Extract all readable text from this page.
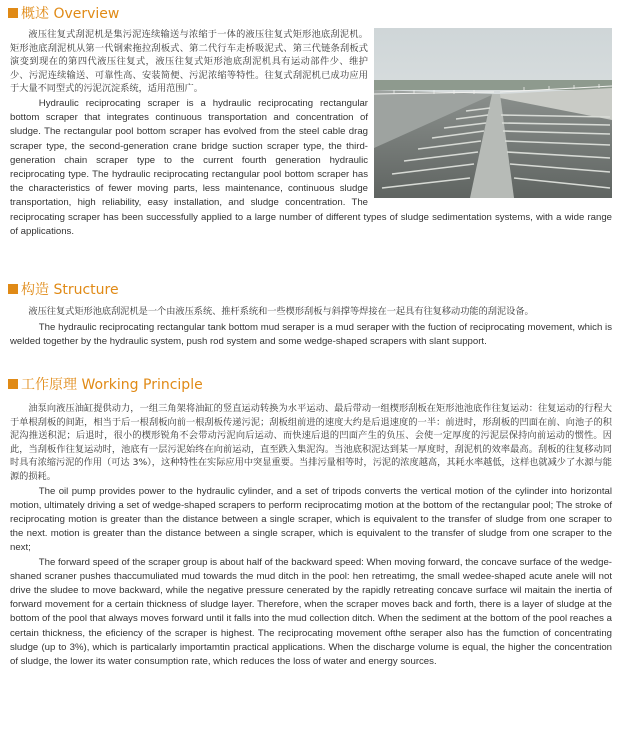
概述 Overview
液压往复式刮泥机是集污泥连续输送与浓缩于一体的液压往复式矩形池底刮泥机。矩形池底刮泥机从第一代钢索拖拉刮板式、第二代行车走桥吸泥式、第三代链条刮板式演变到现在的第四代液压往复式，液压往复式矩形池底刮泥机具有运动部件少、维护少、污泥连续输送、可靠性高、安装简便、污泥浓缩等特性。往复式刮泥机已成功应用于大量不同型式的污泥沉淀系统，适用范围广。
Hydraulic reciprocating scraper is a hydraulic reciprocating rectangular bottom scraper that integrates continuous transportation and concentration of sludge. The rectangular pool bottom scraper has evolved from the steel cable drag scraper type, the second-generation crane bridge suction scraper type, the third-generation chain scraper type to the current fourth generation hydraulic reciprocating type. The hydraulic reciprocating rectangular pool bottom scraper has the characteristics of fewer moving parts, less maintenance, continuous sludge transportation, high reliability, easy installation, and sludge concentration. The reciprocating scraper has been successfully applied to a large number of different types of sludge sedimentation systems, with a wide range of applications.
构造 Structure
液压往复式矩形池底刮泥机是一个由液压系统、推杆系统和一些楔形刮板与斜撑等焊接在一起具有往复移动功能的刮泥设备。
The hydraulic reciprocating rectangular tank bottom mud seraper is a mud seraper with the fuction of reciprocating movement, which is welded together by the hydraulic system, push rod system and some wedge-shaped scrapers with slant support.
工作原理 Working Principle
油泵向液压油缸提供动力，一组三角架将油缸的竖直运动转换为水平运动、最后带动一组楔形刮板在矩形池池底作往复运动：往复运动的行程大于单根刮板的间距，相当于后一根刮板向前一根刮板传递污泥；刮板组前进的速度大约是后退速度的一半：前进时，形刮板的凹面在前、向池子的积泥沟推送积泥；后退时，很小的楔形锐角不会带动污泥向后运动、而快速后退的凹面产生的负压、会使一定厚度的污泥层保持向前运动的惯性。因此，当刮板作往复运动时，池底有一层污泥始终在向前运动，直至跌入集泥沟。当池底积泥达到某一厚度时，刮泥机的效率最高。刮板的往复移动同时具有浓缩污泥的作用（可达 3%），这种特性在实际应用中突显重要。当排污量相等时，污泥的浓度越高，其耗水率越低，这样也就减少了水源与能源的损耗。
The oil pump provides power to the hydraulic cylinder, and a set of tripods converts the vertical motion of the cylinder into horizontal motion, ultimately driving a set of wedge-shaped scrapers to perform reciprocatimg motion at the bottom of the rectangular pool; The stroke of reciprocating motion is greater than the distance between a single scraper, which is equivalent to the transfer of sludge from one scraper to the next. motion is greater than the distance between a single scraper, which is equivalent to the transfer of sludge from one scraper to the next;
The forward speed of the scraper group is about half of the backward speed: When moving forward, the concave surface of the wedge-shaned scraner pushes thaccumuliated mud towards the mud ditch in the pool: hen retreatimg, the small wedee-shaped acute anele will not drive the sludee to move backward, while the negative pressure cenerated by the rapidly retreating concave surface wil maitain the inertia of forward movement for a certain thickness of sludge layer. Therefore, when the scraper moves back and forth, there is a layer of sludge at the bottom of the pool that always moves forward until it falls into the mud collection ditch. When the sediment at the bottom of the pool reaches a certain thickness, the eficiency of the scraper is highest. The reciprocating movement ofthe seraper also has the fumction of concentrating sludge (up to 3%), which is particalarly importamtin practical applications. When the discharge volume is equal, the higher the concentration of sludge, the lower its water consumption rate, which reduces the loss of water and energy sources.
